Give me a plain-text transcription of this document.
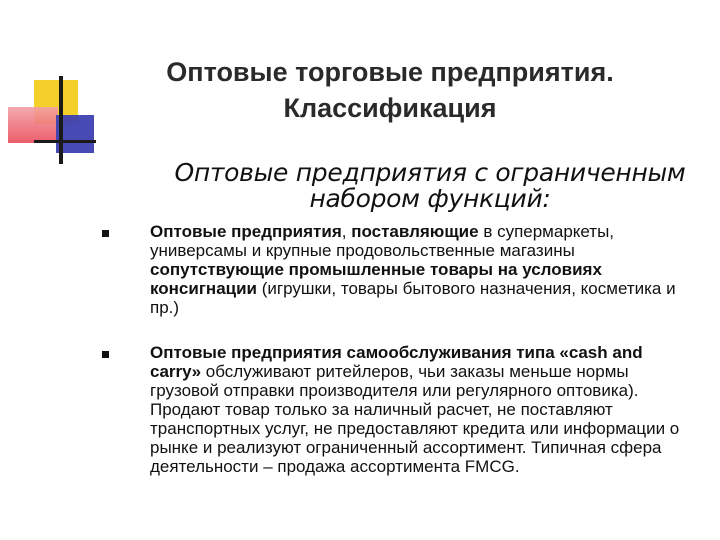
Оптовые торговые предприятия.
Классификация
Оптовые предприятия с ограниченным
набором функций:
Оптовые предприятия, поставляющие в супермаркеты, универсамы и крупные продовольственные магазины сопутствующие промышленные товары на условиях консигнации (игрушки, товары бытового назначения, косметика и пр.)
Оптовые предприятия самообслуживания типа «cash and carry» обслуживают ритейлеров, чьи заказы меньше нормы грузовой отправки производителя или регулярного оптовика). Продают товар только за наличный расчет, не поставляют транспортных услуг, не предоставляют кредита или информации о рынке и реализуют ограниченный ассортимент. Типичная сфера деятельности – продажа ассортимента FMCG.
